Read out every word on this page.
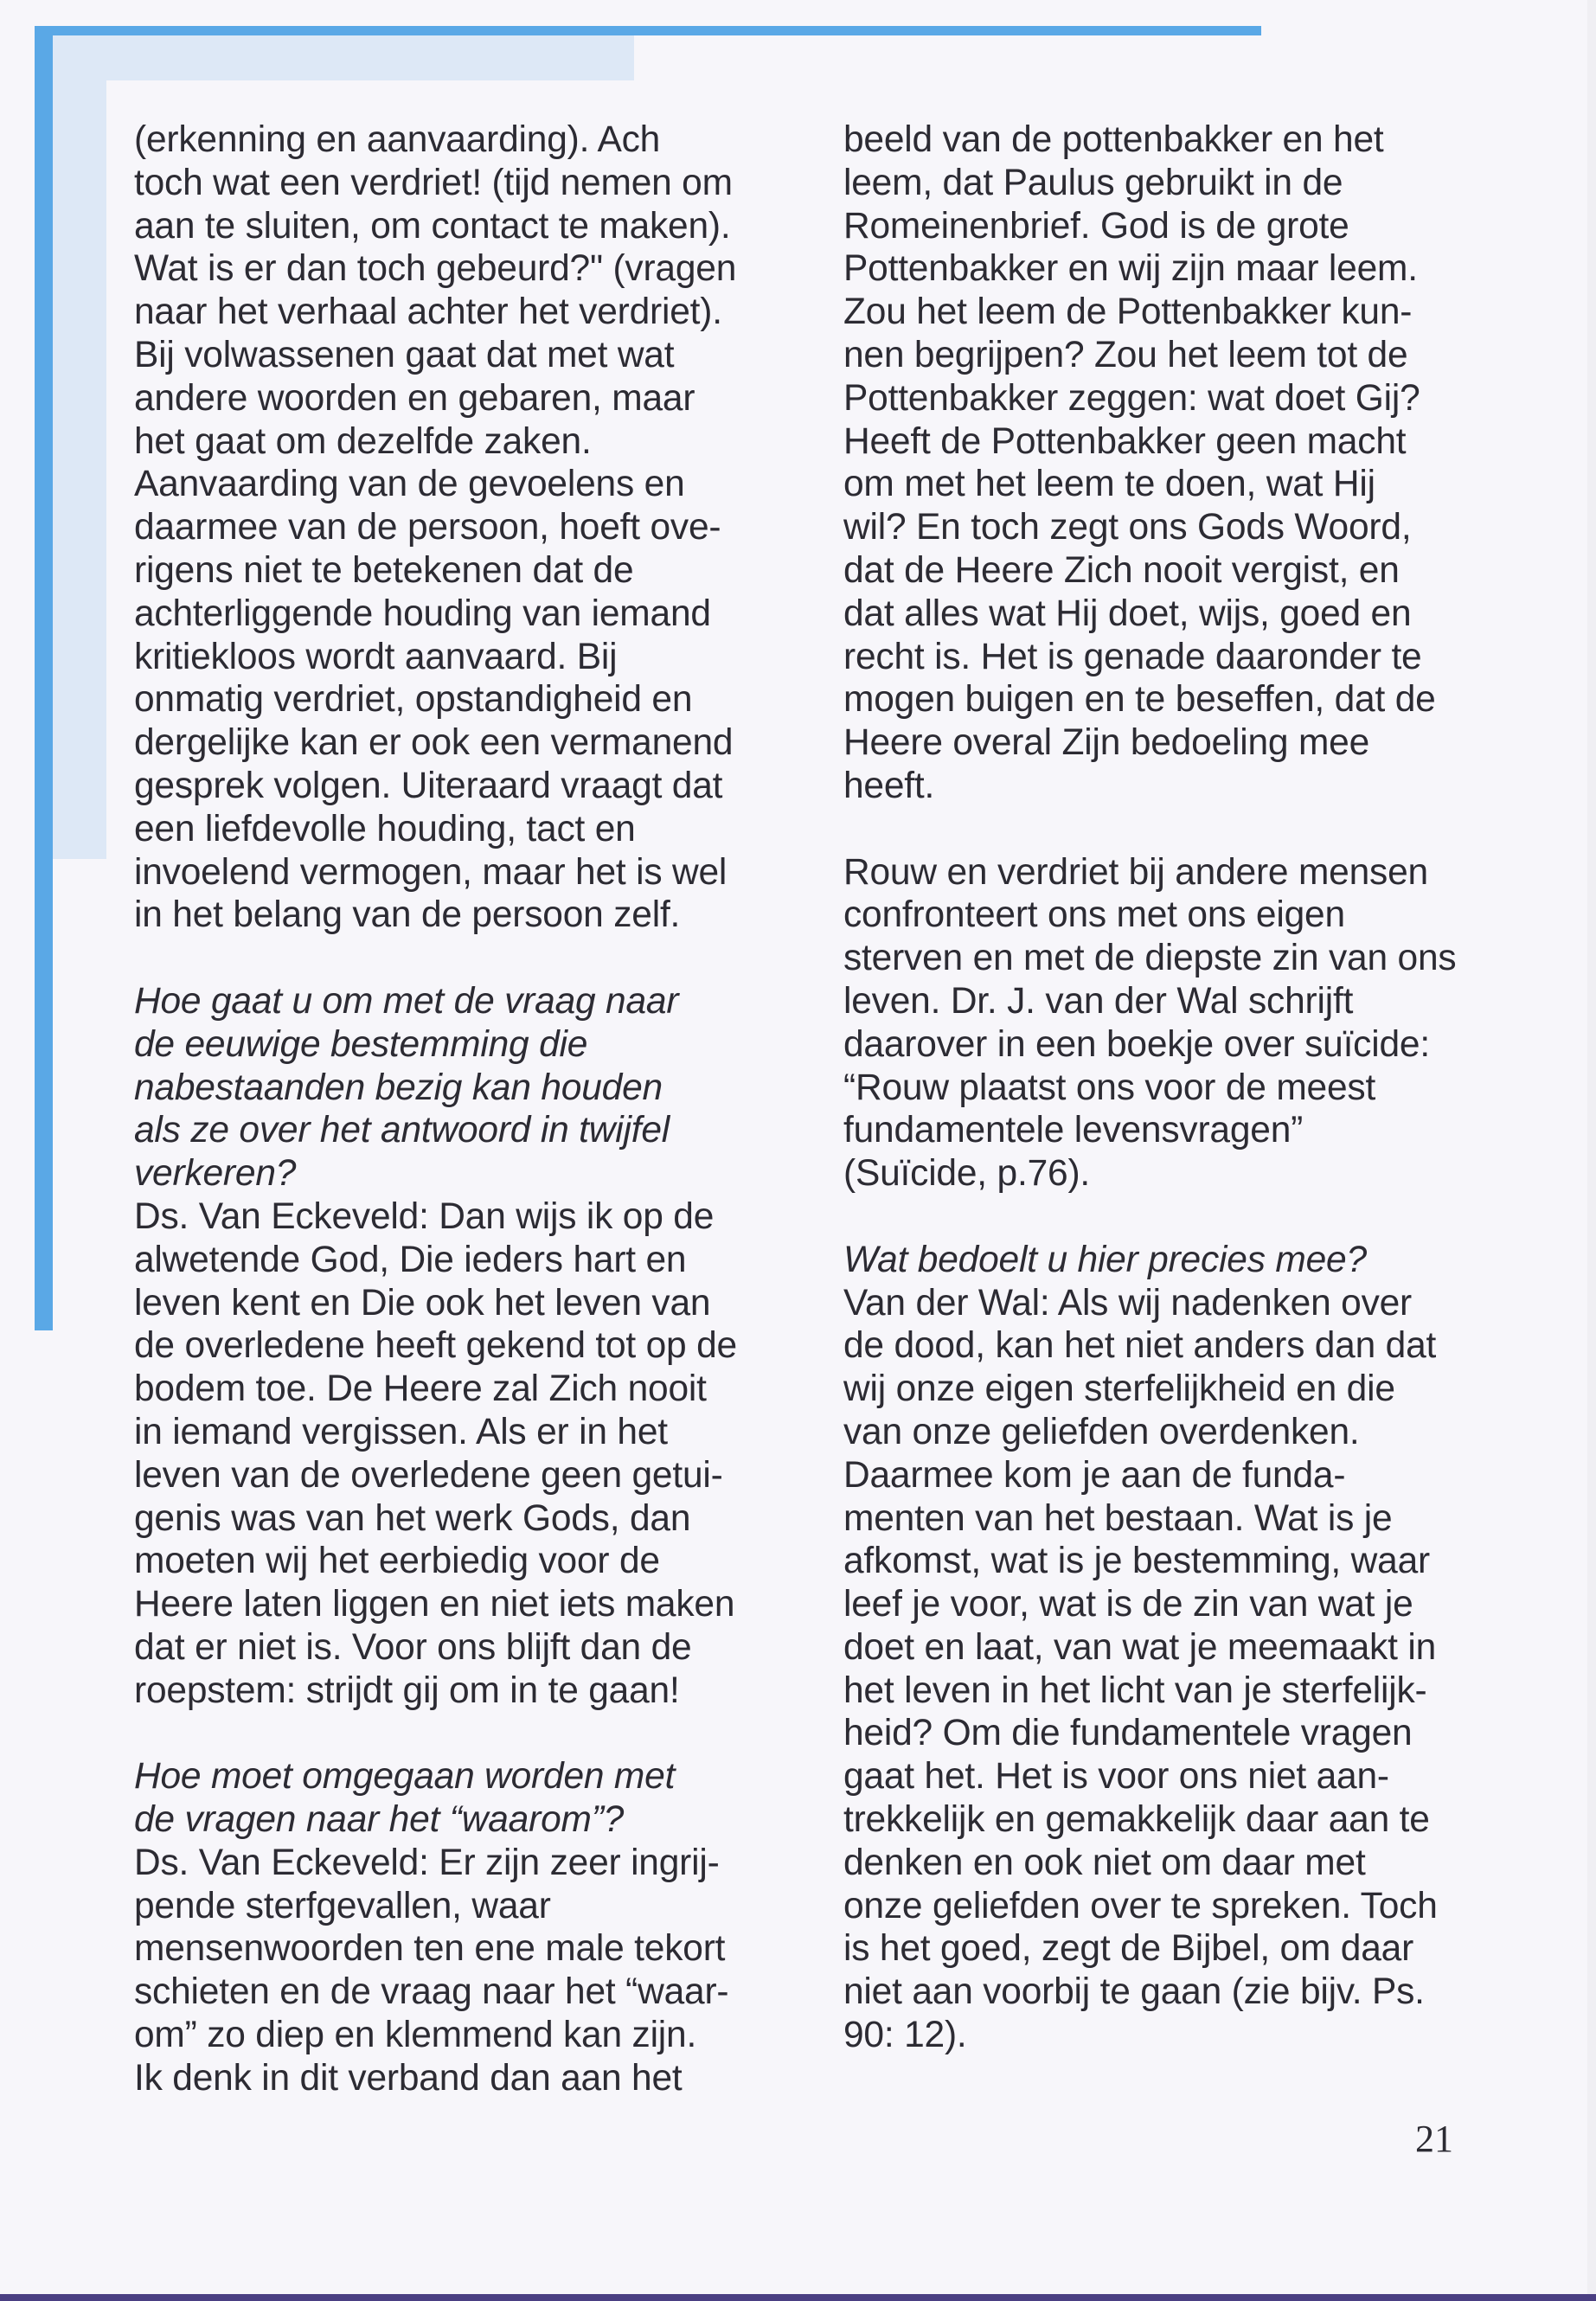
(erkenning en aanvaarding). Ach
toch wat een verdriet! (tijd nemen om
aan te sluiten, om contact te maken).
Wat is er dan toch gebeurd?" (vragen
naar het verhaal achter het verdriet).
Bij volwassenen gaat dat met wat
andere woorden en gebaren, maar
het gaat om dezelfde zaken.
Aanvaarding van de gevoelens en
daarmee van de persoon, hoeft ove-
rigens niet te betekenen dat de
achterliggende houding van iemand
kritiekloos wordt aanvaard. Bij
onmatig verdriet, opstandigheid en
dergelijke kan er ook een vermanend
gesprek volgen. Uiteraard vraagt dat
een liefdevolle houding, tact en
invoelend vermogen, maar het is wel
in het belang van de persoon zelf.
Hoe gaat u om met de vraag naar
de eeuwige bestemming die
nabestaanden bezig kan houden
als ze over het antwoord in twijfel
verkeren?
Ds. Van Eckeveld: Dan wijs ik op de
alwetende God, Die ieders hart en
leven kent en Die ook het leven van
de overledene heeft gekend tot op de
bodem toe. De Heere zal Zich nooit
in iemand vergissen. Als er in het
leven van de overledene geen getui-
genis was van het werk Gods, dan
moeten wij het eerbiedig voor de
Heere laten liggen en niet iets maken
dat er niet is. Voor ons blijft dan de
roepstem: strijdt gij om in te gaan!
Hoe moet omgegaan worden met
de vragen naar het “waarom”?
Ds. Van Eckeveld: Er zijn zeer ingrij-
pende sterfgevallen, waar
mensenwoorden ten ene male tekort
schieten en de vraag naar het “waar-
om” zo diep en klemmend kan zijn.
Ik denk in dit verband dan aan het
beeld van de pottenbakker en het
leem, dat Paulus gebruikt in de
Romeinenbrief. God is de grote
Pottenbakker en wij zijn maar leem.
Zou het leem de Pottenbakker kun-
nen begrijpen? Zou het leem tot de
Pottenbakker zeggen: wat doet Gij?
Heeft de Pottenbakker geen macht
om met het leem te doen, wat Hij
wil? En toch zegt ons Gods Woord,
dat de Heere Zich nooit vergist, en
dat alles wat Hij doet, wijs, goed en
recht is. Het is genade daaronder te
mogen buigen en te beseffen, dat de
Heere overal Zijn bedoeling mee
heeft.
Rouw en verdriet bij andere mensen
confronteert ons met ons eigen
sterven en met de diepste zin van ons
leven. Dr. J. van der Wal schrijft
daarover in een boekje over suïcide:
“Rouw plaatst ons voor de meest
fundamentele levensvragen”
(Suïcide, p.76).
Wat bedoelt u hier precies mee?
Van der Wal: Als wij nadenken over
de dood, kan het niet anders dan dat
wij onze eigen sterfelijkheid en die
van onze geliefden overdenken.
Daarmee kom je aan de funda-
menten van het bestaan. Wat is je
afkomst, wat is je bestemming, waar
leef je voor, wat is de zin van wat je
doet en laat, van wat je meemaakt in
het leven in het licht van je sterfelijk-
heid? Om die fundamentele vragen
gaat het. Het is voor ons niet aan-
trekkelijk en gemakkelijk daar aan te
denken en ook niet om daar met
onze geliefden over te spreken. Toch
is het goed, zegt de Bijbel, om daar
niet aan voorbij te gaan (zie bijv. Ps.
90: 12).
21
